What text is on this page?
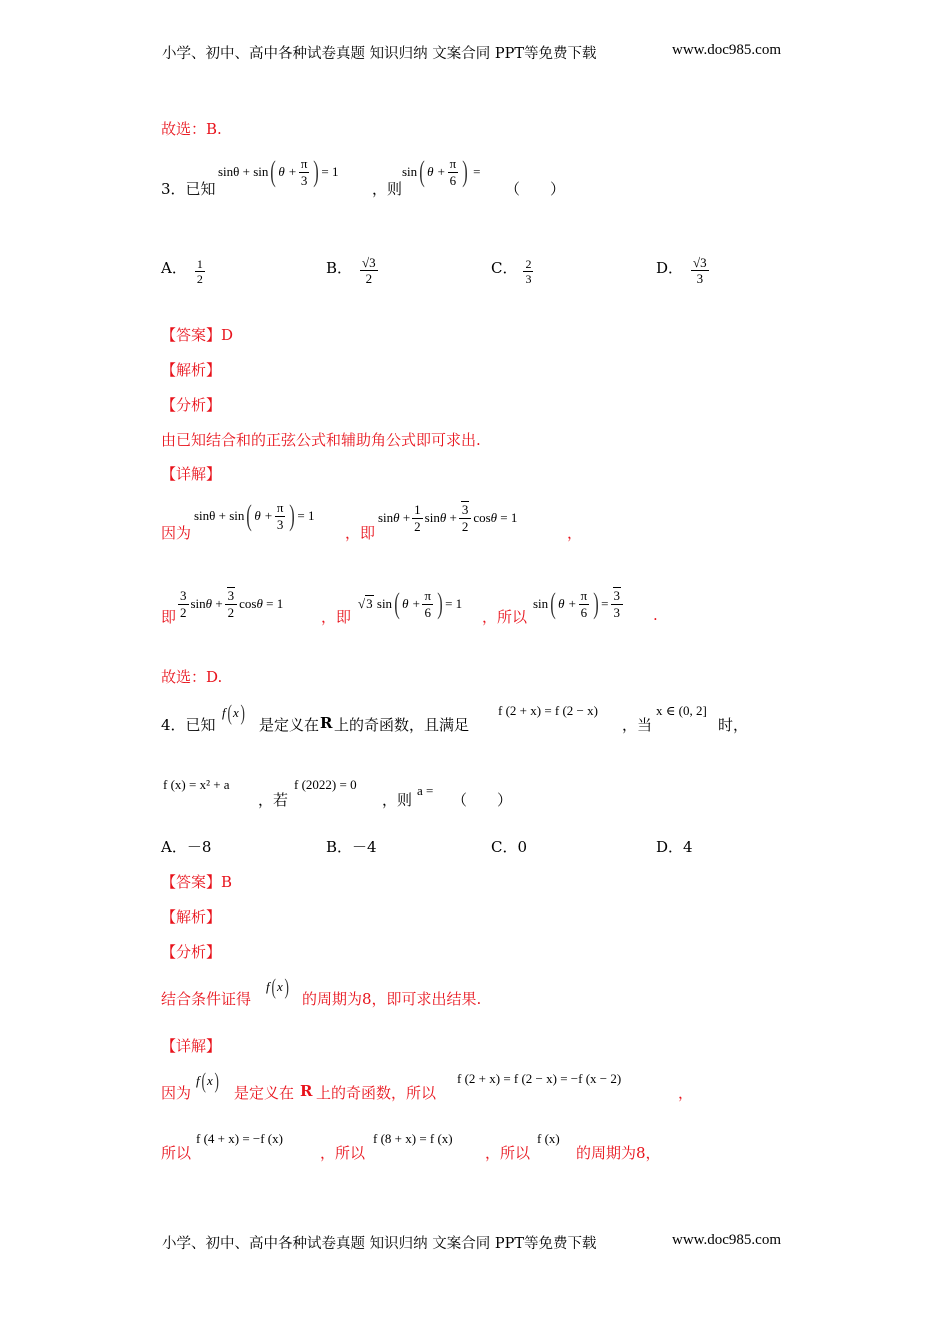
小学、初中、高中各种试卷真题 知识归纳 文案合同 PPT等免费下载	www.doc985.com
故选：B.
3．已知
sinθ + sin ( $\theta + \frac{\pi}{3}$ ) = 1
，则
sin ( $\theta + \frac{\pi}{6}$ ) =
（　　）
A． $\frac{1}{2}$	B． $\frac{√3}{2}$	C． $\frac{2}{3}$	D． $\frac{√3}{3}$
【答案】D
【解析】
【分析】
由已知结合和的正弦公式和辅助角公式即可求出.
【详解】
因为
sinθ + sin ( $\theta + \frac{\pi}{3}$ ) = 1
，即
$\sin\theta + \frac{1}{2}$ $\sin\theta + \frac{3}{2}$ cosθ = 1
，
即 $\frac{3}{2}$ $\sin\theta + \frac{3}{2}$ cosθ = 1
，即
√3 sin ( $\theta + \frac{\pi}{6}$ ) = 1
，所以
sin ( $\theta + \frac{\pi}{6}$ ) = $\frac{3}{3}$ .
故选：D.
4．已知
f ( x ) 是定义在 R 上的奇函数，且满足
f (2 + x) = f (2 − x)
，当
x ∈ (0, 2]
时，
f (x) = x² + a
，若
f (2022) = 0
，则
a =
（　　）
A．－8	B．－4	C．0	D．4
【答案】B
【解析】
【分析】
结合条件证得
f ( x ) 的周期为8，即可求出结果.
【详解】
因为
f ( x ) 是定义在 R 上的奇函数，所以
f (2 + x) = f (2 − x) = −f (x − 2)
，
所以
f (4 + x) = −f (x)
，所以
f (8 + x) = f (x)
，所以
f (x)
的周期为8，
小学、初中、高中各种试卷真题 知识归纳 文案合同 PPT等免费下载	www.doc985.com
